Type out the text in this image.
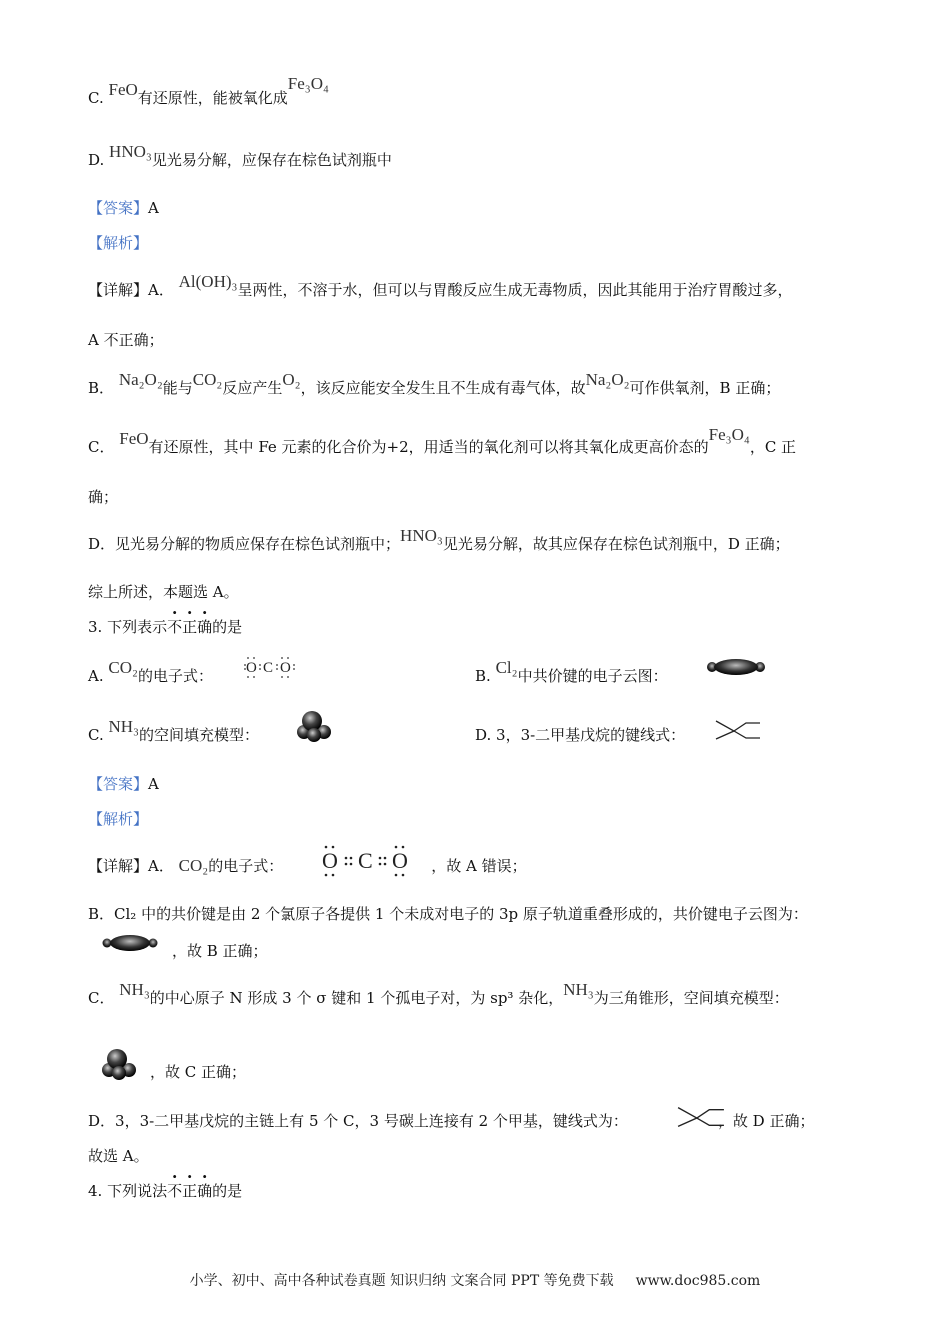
C. FeO有还原性，能被氧化成Fe₃O₄
D. HNO₃见光易分解，应保存在棕色试剂瓶中
【答案】A
【解析】
【详解】A． Al(OH)₃呈两性，不溶于水，但可以与胃酸反应生成无毒物质，因此其能用于治疗胃酸过多，
A 不正确；
B． Na₂O₂能与CO₂反应产生O₂，该反应能安全发生且不生成有毒气体，故Na₂O₂可作供氧剂，B 正确；
C． FeO有还原性，其中 Fe 元素的化合价为+2，用适当的氧化剂可以将其氧化成更高价态的Fe₃O₄，C 正
确；
D．见光易分解的物质应保存在棕色试剂瓶中；HNO₃见光易分解，故其应保存在棕色试剂瓶中，D 正确；
综上所述，本题选 A。
3. 下列表示不正确的是
A. CO₂的电子式： O C O	B. Cl₂中共价键的电子云图：
C. NH₃的空间填充模型：	D. 3，3-二甲基戊烷的键线式：
【答案】A
【解析】
【详解】A． CO₂的电子式：	，故 A 错误；
O C O
B．Cl₂ 中的共价键是由 2 个氯原子各提供 1 个未成对电子的 3p 原子轨道重叠形成的，共价键电子云图为：
，故 B 正确；
C． NH₃的中心原子 N 形成 3 个 σ 键和 1 个孤电子对，为 sp³ 杂化，NH₃为三角锥形，空间填充模型：
，故 C 正确；
D．3，3-二甲基戊烷的主链上有 5 个 C，3 号碳上连接有 2 个甲基，键线式为：	，故 D 正确；
故选 A。
4. 下列说法不正确的是
小学、初中、高中各种试卷真题 知识归纳 文案合同 PPT 等免费下载 www.doc985.com
